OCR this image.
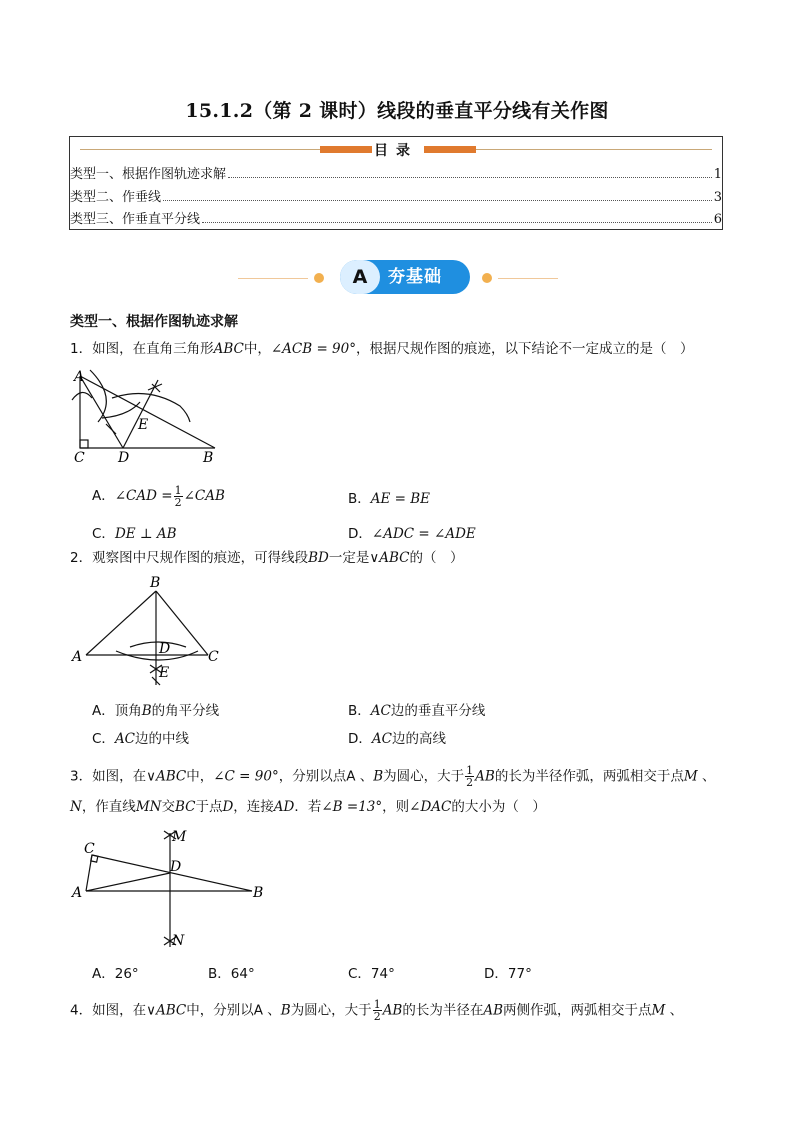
15.1.2（第 2 课时）线段的垂直平分线有关作图
目录
类型一、根据作图轨迹求解	1
类型二、作垂线	3
类型三、作垂直平分线	6
A	夯基础
类型一、根据作图轨迹求解
1．如图，在直角三角形ABC中，∠ACB = 90°，根据尺规作图的痕迹，以下结论不一定成立的是（　）
A
C D	B
E
A．∠CAD = $\frac{1}{2}$ ∠CAB	B．AE = BE
C．DE ⊥ AB	D．∠ADC = ∠ADE
2．观察图中尺规作图的痕迹，可得线段BD一定是∨ABC的（　）
B
A	C
D
E
A．顶角B的角平分线	B．AC边的垂直平分线
C．AC边的中线	D．AC边的高线
3．如图，在∨ABC中，∠C = 90°，分别以点A 、B为圆心，大于 $\frac{1}{2}$ AB的长为半径作弧，两弧相交于点M 、
N，作直线MN交BC于点D，连接AD．若∠B =13°，则∠DAC的大小为（　）
M
C
D
A	B
N
A．26°	B．64°	C．74°	D．77°
4．如图，在∨ABC中，分别以A 、B为圆心，大于 $\frac{1}{2}$ AB的长为半径在AB两侧作弧，两弧相交于点M 、
